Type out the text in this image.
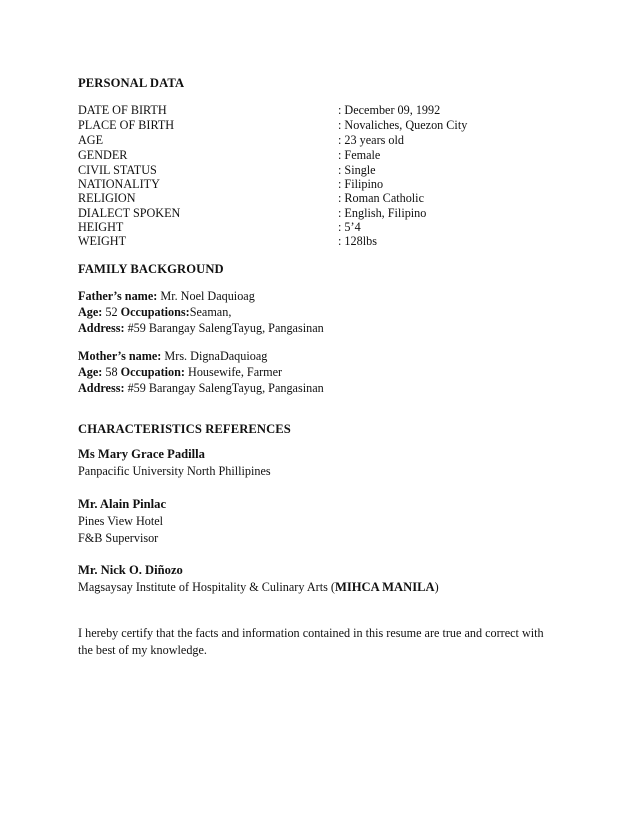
PERSONAL DATA
DATE OF BIRTH	: December 09, 1992
PLACE OF BIRTH	: Novaliches, Quezon City
AGE	: 23 years old
GENDER	: Female
CIVIL STATUS	: Single
NATIONALITY	: Filipino
RELIGION	: Roman Catholic
DIALECT SPOKEN	: English, Filipino
HEIGHT	: 5’4
WEIGHT	: 128lbs
FAMILY BACKGROUND
Father’s name: Mr. Noel Daquioag
Age: 52 Occupations:Seaman,
Address: #59 Barangay SalengTayug, Pangasinan
Mother’s name: Mrs. DignaDaquioag
Age: 58 Occupation: Housewife, Farmer
Address: #59 Barangay SalengTayug, Pangasinan
CHARACTERISTICS REFERENCES
Ms Mary Grace Padilla
Panpacific University North Phillipines
Mr. Alain Pinlac
Pines View Hotel
F&B Supervisor
Mr. Nick O. Diñozo
Magsaysay Institute of Hospitality & Culinary Arts (MIHCA MANILA)
I hereby certify that the facts and information contained in this resume are true and correct with the best of my knowledge.
